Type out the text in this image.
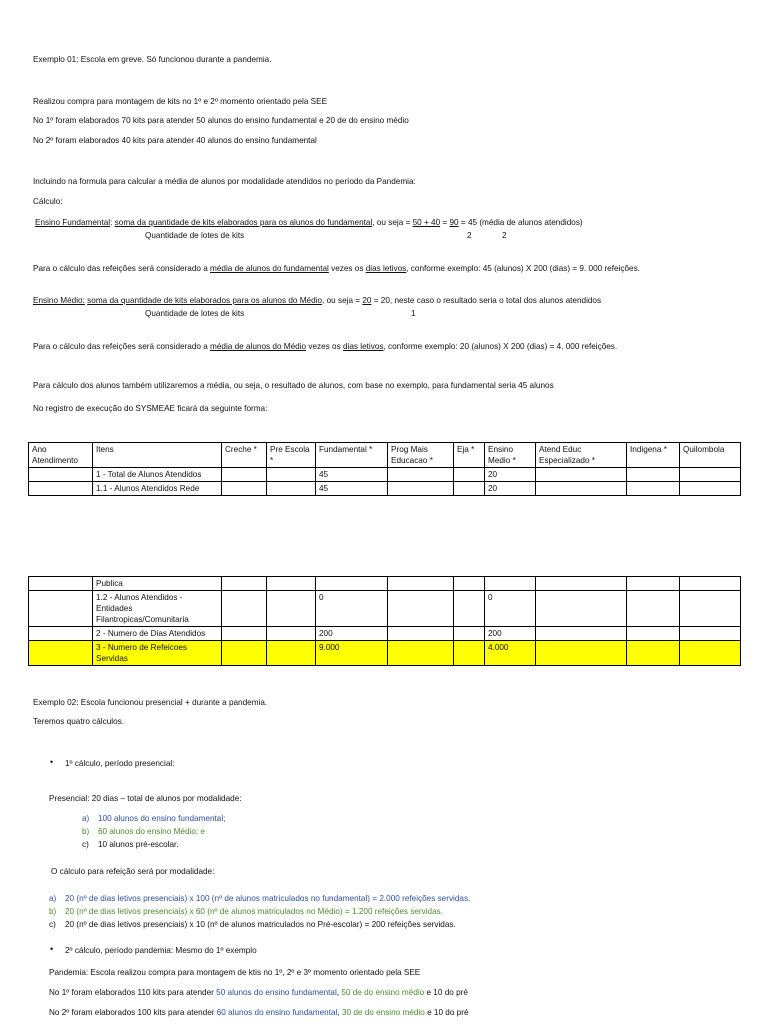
Exemplo 01: Escola em greve. Só funcionou durante a pandemia.
Realizou compra para montagem de kits no 1º e 2º momento orientado pela SEE
No 1º foram elaborados 70 kits para atender 50 alunos do ensino fundamental e 20 de do ensino médio
No 2º foram elaborados 40 kits para atender 40 alunos do ensino fundamental
Incluindo na formula para calcular a média de alunos por modalidade atendidos no período da Pandemia:
Cálculo:
Ensino Fundamental: soma da quantidade de kits elaborados para os alunos do fundamental, ou seja = 50 + 40 = 90 = 45 (média de alunos atendidos)
Quantidade de lotes de kits	2	2
Para o cálculo das refeições será considerado a média de alunos do fundamental vezes os dias letivos, conforme exemplo: 45 (alunos) X 200 (dias) = 9. 000 refeições.
Ensino Médio: soma da quantidade de kits elaborados para os alunos do Médio, ou seja = 20 = 20, neste caso o resultado seria o total dos alunos atendidos
Quantidade de lotes de kits	1
Para o cálculo das refeições será considerado a média de alunos do Médio vezes os dias letivos, conforme exemplo: 20 (alunos) X 200 (dias) = 4. 000 refeições.
Para cálculo dos alunos também utilizaremos a média, ou seja, o resultado de alunos, com base no exemplo, para fundamental seria 45 alunos
No registro de execução do SYSMEAE ficará da seguinte forma:
Ano Atendimento	Itens	Creche *	Pre Escola *	Fundamental *	Prog Mais Educacao *	Eja *	Ensino Medio *	Atend Educ Especializado *	Indigena *	Quilombola
	1 - Total de Alunos Atendidos			45			20			
	1.1 - Alunos Atendidos Rede			45			20			
	Publica									
	1.2 - Alunos Atendidos - Entidades Filantropicas/Comunitaria			0			0			
	2 - Numero de Dias Atendidos			200			200			
	3 - Numero de Refeicoes Servidas			9.000			4.000			
Exemplo 02: Escola funcionou presencial + durante a pandemia.
Teremos quatro cálculos.
• 1º cálculo, período presencial:
Presencial: 20 dias – total de alunos por modalidade:
a) 100 alunos do ensino fundamental;
b) 60 alunos do ensino Médio; e
c) 10 alunos pré-escolar.
O cálculo para refeição será por modalidade:
a) 20 (nº de dias letivos presenciais) x 100 (nº de alunos matriculados no fundamental) = 2.000 refeições servidas.
b) 20 (nº de dias letivos presenciais) x 60 (nº de alunos matriculados no Médio) = 1.200 refeições servidas.
c) 20 (nº de dias letivos presenciais) x 10 (nº de alunos matriculados no Pré-escolar) = 200 refeições servidas.
• 2º cálculo, período pandemia: Mesmo do 1º exemplo
Pandemia: Escola realizou compra para montagem de ktis no 1º, 2º e 3º momento orientado pela SEE
No 1º foram elaborados 110 kits para atender 50 alunos do ensino fundamental, 50 de do ensino médio e 10 do pré
No 2º foram elaborados 100 kits para atender 60 alunos do ensino fundamental, 30 de do ensino médio e 10 do pré
